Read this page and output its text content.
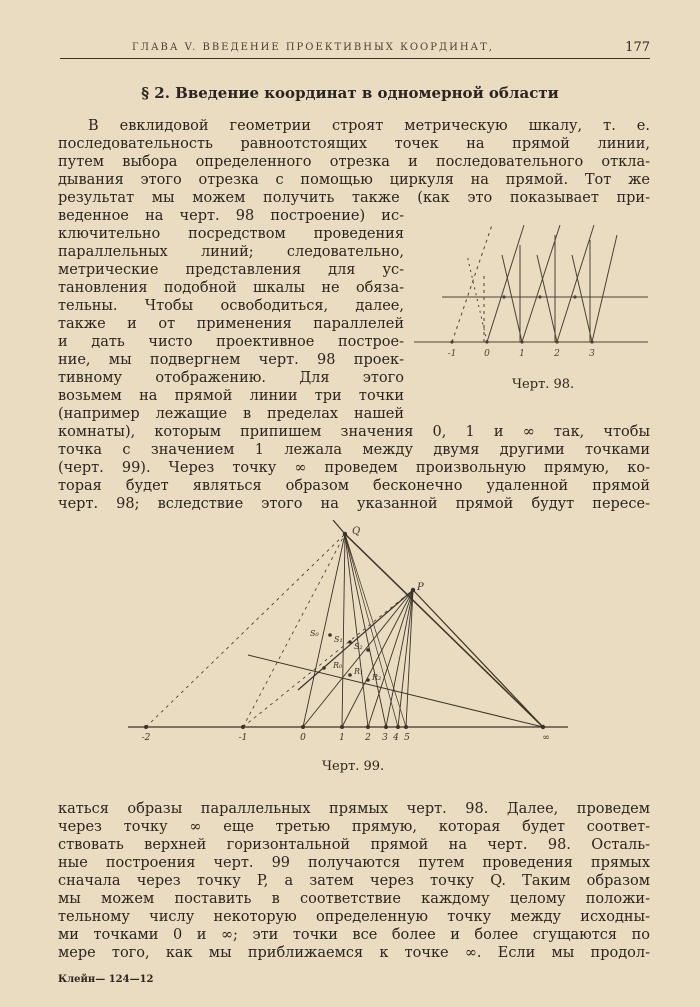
ГЛАВА V. ВВЕДЕНИЕ ПРОЕКТИВНЫХ КООРДИНАТ,	177
§ 2. Введение координат в одномерной области
В евклидовой геометрии строят метрическую шкалу, т. е.
последовательность равноотстоящих точек на прямой линии,
путем выбора определенного отрезка и последовательного откла-
дывания этого отрезка с помощью циркуля на прямой. Тот же
результат мы можем получить также (как это показывает при-
веденное на черт. 98 построение) ис-
ключительно посредством проведения
параллельных линий; следовательно,
метрические представления для ус-
тановления подобной шкалы не обяза-
тельны. Чтобы освободиться, далее,
также и от применения параллелей
и дать чисто проективное построе-
ние, мы подвергнем черт. 98 проек-
тивному отображению. Для этого
возьмем на прямой линии три точки
(например лежащие в пределах нашей
комнаты), которым припишем значения 0, 1 и ∞ так, чтобы
точка с значением 1 лежала между двумя другими точками
(черт. 99). Через точку ∞ проведем произвольную прямую, ко-
торая будет являться образом бесконечно удаленной прямой
черт. 98; вследствие этого на указанной прямой будут пересе-
-1	0	1	2	3
Черт. 98.
-2	-1	0	1 2 3 4 5	∞
Q
P
S₀
S₁
S₂
R₀
R₁
R₂
Черт. 99.
каться образы параллельных прямых черт. 98. Далее, проведем
через точку ∞ еще третью прямую, которая будет соответ-
ствовать верхней горизонтальной прямой на черт. 98. Осталь-
ные построения черт. 99 получаются путем проведения прямых
сначала через точку P, а затем через точку Q. Таким образом
мы можем поставить в соответствие каждому целому положи-
тельному числу некоторую определенную точку между исходны-
ми точками 0 и ∞; эти точки все более и более сгущаются по
мере того, как мы приближаемся к точке ∞. Если мы продол-
Клейн— 124—12
